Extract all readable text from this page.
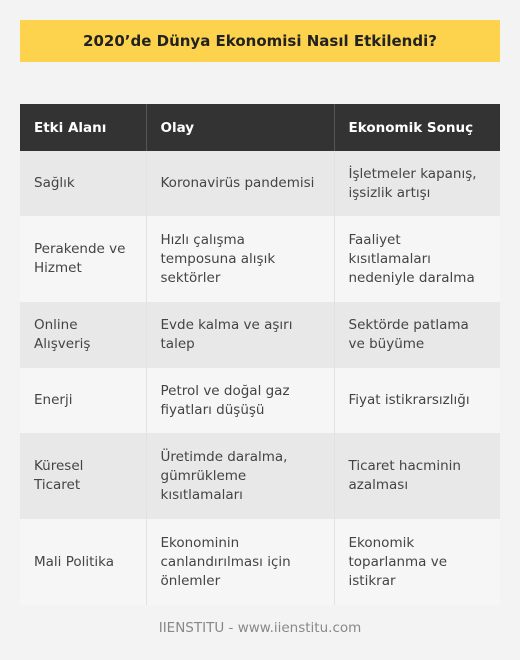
2020’de Dünya Ekonomisi Nasıl Etkilendi?
Etki Alanı	Olay	Ekonomik Sonuç
Sağlık	Koronavirüs pandemisi	İşletmeler kapanış, işsizlik artışı
Perakende ve Hizmet	Hızlı çalışma temposuna alışık sektörler	Faaliyet kısıtlamaları nedeniyle daralma
Online Alışveriş	Evde kalma ve aşırı talep	Sektörde patlama ve büyüme
Enerji	Petrol ve doğal gaz fiyatları düşüşü	Fiyat istikrarsızlığı
Küresel Ticaret	Üretimde daralma, gümrükleme kısıtlamaları	Ticaret hacminin azalması
Mali Politika	Ekonominin canlandırılması için önlemler	Ekonomik toparlanma ve istikrar
IIENSTITU - www.iienstitu.com
